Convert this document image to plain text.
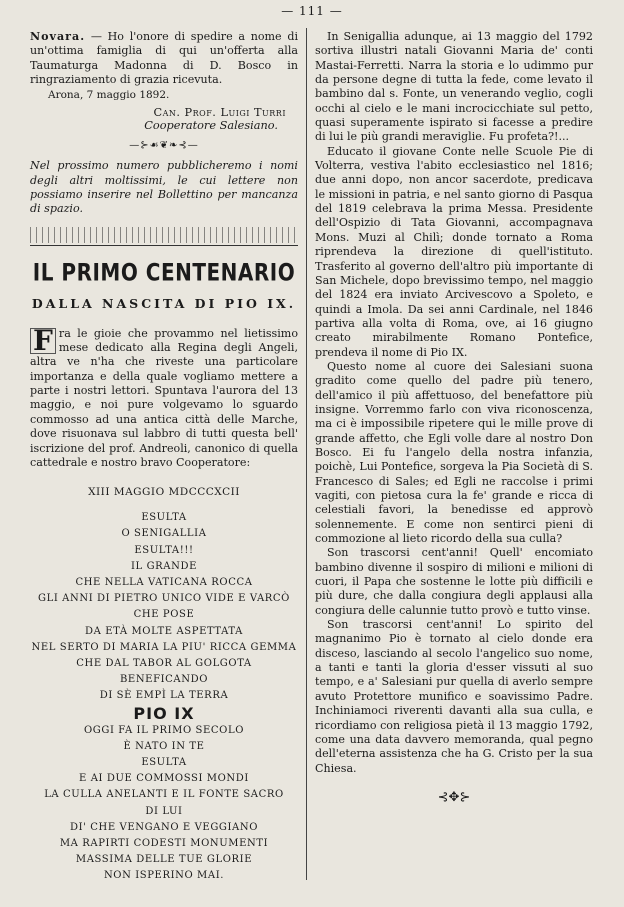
— 111 —

Novara. — Ho l'onore di spedire a nome di un'ottima famiglia di qui un'offerta alla Taumaturga Madonna di D. Bosco in ringraziamento di grazia ricevuta.

Arona, 7 maggio 1892.
Can. Prof. Luigi Turri
Cooperatore Salesiano.
—⊱☙❦❧⊰—
Nel prossimo numero pubblicheremo i nomi degli altri moltissimi, le cui lettere non possiamo inserire nel Bollettino per mancanza di spazio.
IL PRIMO CENTENARIO
DALLA NASCITA DI PIO IX.
F ra le gioie che provammo nel lietissimo mese dedicato alla Regina degli Angeli, altra ve n'ha che riveste una particolare importanza e della quale vogliamo mettere a parte i nostri lettori. Spuntava l'aurora del 13 maggio, e noi pure volgevamo lo sguardo commosso ad una antica città delle Marche, dove risuonava sul labbro di tutti questa bell' iscrizione del prof. Andreoli, canonico di quella cattedrale e nostro bravo Cooperatore:

XIII MAGGIO MDCCCXCII
ESULTA
O SENIGALLIA
ESULTA!!!
IL GRANDE
CHE NELLA VATICANA ROCCA
GLI ANNI DI PIETRO UNICO VIDE E VARCÒ
CHE POSE
DA ETÀ MOLTE ASPETTATA
NEL SERTO DI MARIA LA PIU' RICCA GEMMA
CHE DAL TABOR AL GOLGOTA
BENEFICANDO
DI SÈ EMPÌ LA TERRA
PIO IX
OGGI FA IL PRIMO SECOLO
È NATO IN TE
ESULTA
E AI DUE COMMOSSI MONDI
LA CULLA ANELANTI E IL FONTE SACRO
DI LUI
DI' CHE VENGANO E VEGGIANO
MA RAPIRTI CODESTI MONUMENTI
MASSIMA DELLE TUE GLORIE
NON ISPERINO MAI.

In Senigallia adunque, ai 13 maggio del 1792 sortiva illustri natali Giovanni Maria de' conti Mastai-Ferretti. Narra la storia e lo udimmo pur da persone degne di tutta la fede, come levato il bambino dal s. Fonte, un venerando veglio, cogli occhi al cielo e le mani incrocicchiate sul petto, quasi superamente ispirato si facesse a predire di lui le più grandi meraviglie. Fu profeta?!...

Educato il giovane Conte nelle Scuole Pie di Volterra, vestiva l'abito ecclesiastico nel 1816; due anni dopo, non ancor sacerdote, predicava le missioni in patria, e nel santo giorno di Pasqua del 1819 celebrava la prima Messa. Presidente dell'Ospizio di Tata Giovanni, accompagnava Mons. Muzi al Chilì; donde tornato a Roma riprendeva la direzione di quell'istituto. Trasferito al governo dell'altro più importante di San Michele, dopo brevissimo tempo, nel maggio del 1824 era inviato Arcivescovo a Spoleto, e quindi a Imola. Da sei anni Cardinale, nel 1846 partiva alla volta di Roma, ove, ai 16 giugno creato mirabilmente Romano Pontefice, prendeva il nome di Pio IX.

Questo nome al cuore dei Salesiani suona gradito come quello del padre più tenero, dell'amico il più affettuoso, del benefattore più insigne. Vorremmo farlo con viva riconoscenza, ma ci è impossibile ripetere qui le mille prove di grande affetto, che Egli volle dare al nostro Don Bosco. Ei fu l'angelo della nostra infanzia, poichè, Lui Pontefice, sorgeva la Pia Società di S. Francesco di Sales; ed Egli ne raccolse i primi vagiti, con pietosa cura la fe' grande e ricca di celestiali favori, la benedisse ed approvò solennemente. E come non sentirci pieni di commozione al lieto ricordo della sua culla?

Son trascorsi cent'anni! Quell' encomiato bambino divenne il sospiro di milioni e milioni di cuori, il Papa che sostenne le lotte più difficili e più dure, che dalla congiura degli applausi alla congiura delle calunnie tutto provò e tutto vinse.

Son trascorsi cent'anni! Lo spirito del magnanimo Pio è tornato al cielo donde era disceso, lasciando al secolo l'angelico suo nome, a tanti e tanti la gloria d'esser vissuti al suo tempo, e a' Salesiani pur quella di averlo sempre avuto Protettore munifico e soavissimo Padre. Inchiniamoci riverenti davanti alla sua culla, e ricordiamo con religiosa pietà il 13 maggio 1792, come una data davvero memoranda, qual pegno dell'eterna assistenza che ha G. Cristo per la sua Chiesa.

⊰✥⊱
